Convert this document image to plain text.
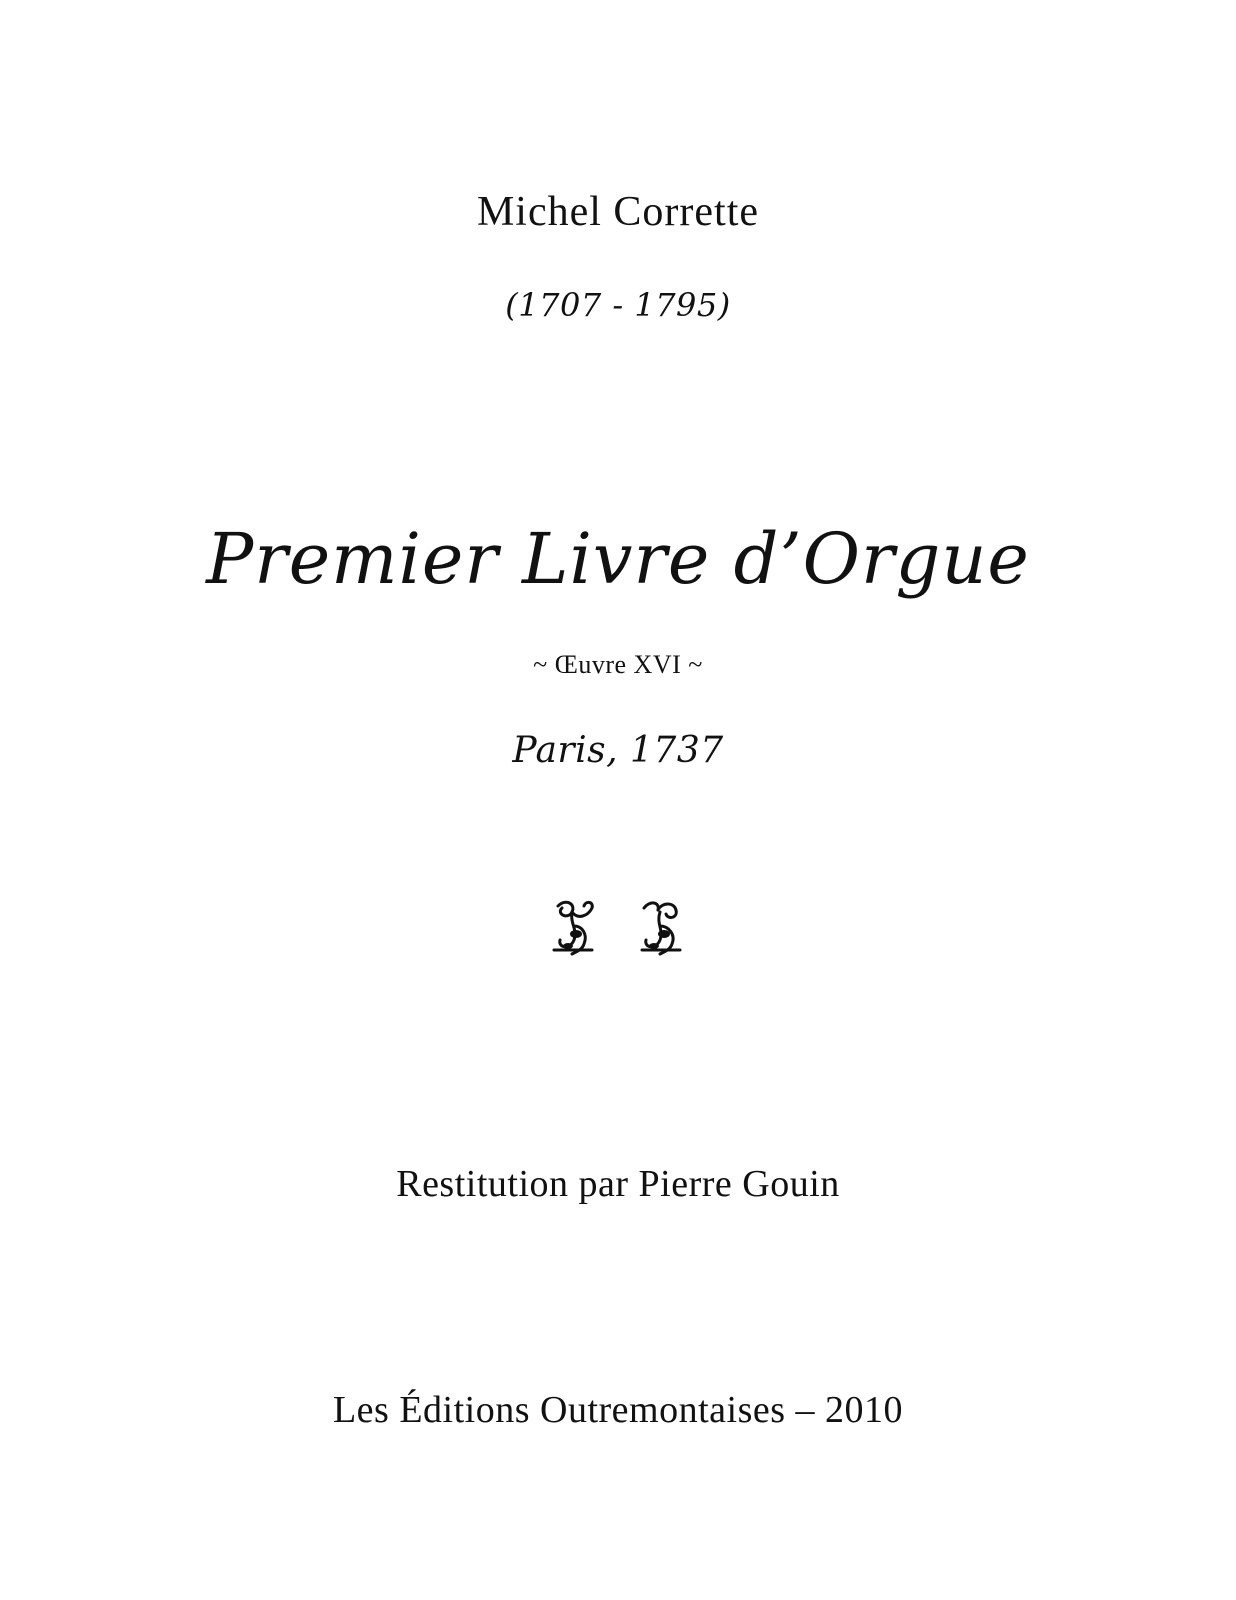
Michel Corrette
(1707 - 1795)
Premier Livre d’Orgue
~ Œuvre XVI ~
Paris, 1737
Restitution par Pierre Gouin
Les Éditions Outremontaises – 2010
